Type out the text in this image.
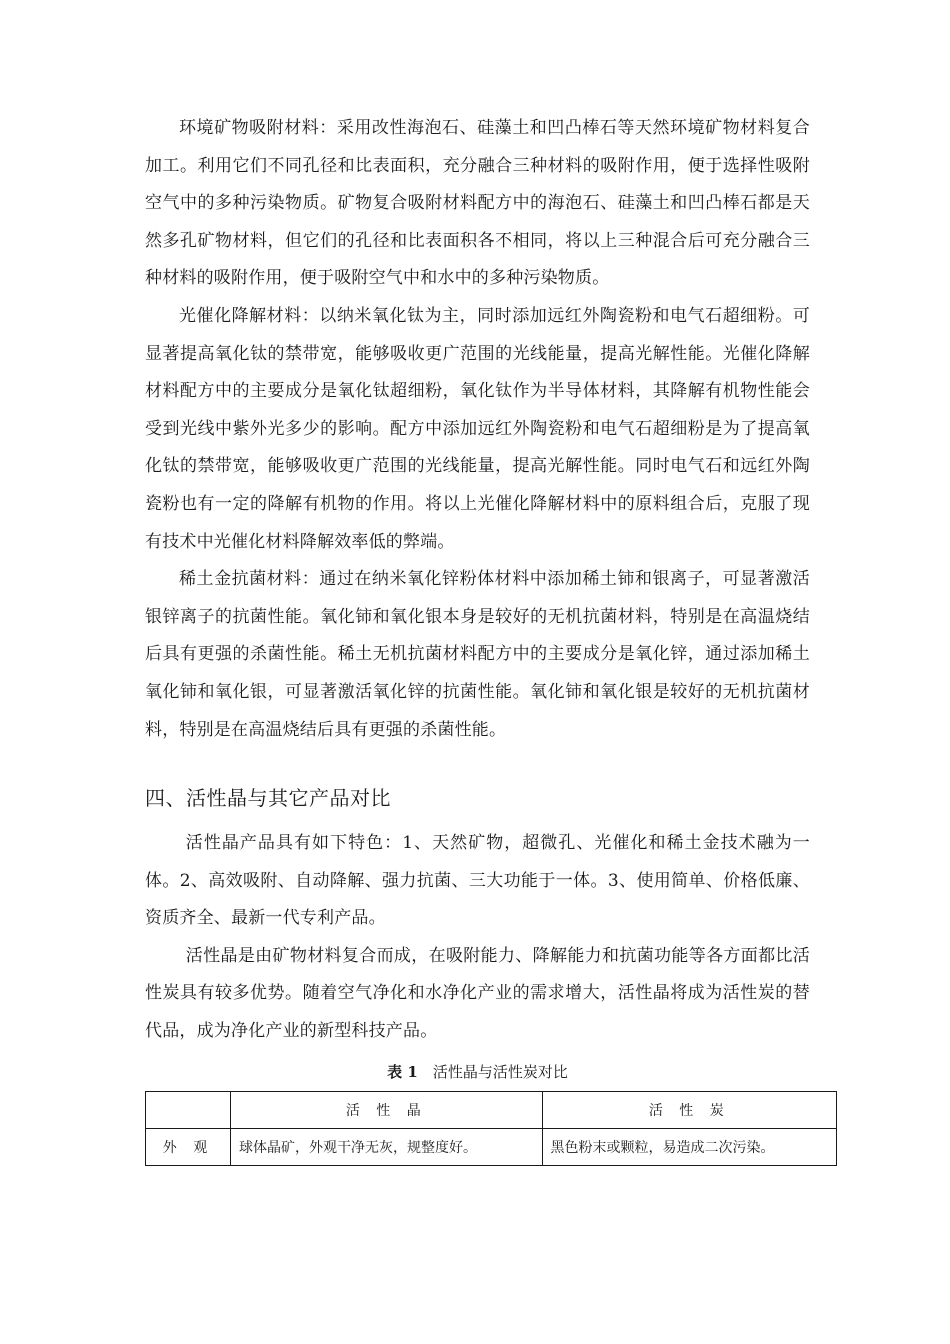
环境矿物吸附材料：采用改性海泡石、硅藻土和凹凸棒石等天然环境矿物材料复合加工。利用它们不同孔径和比表面积，充分融合三种材料的吸附作用，便于选择性吸附空气中的多种污染物质。矿物复合吸附材料配方中的海泡石、硅藻土和凹凸棒石都是天然多孔矿物材料，但它们的孔径和比表面积各不相同，将以上三种混合后可充分融合三种材料的吸附作用，便于吸附空气中和水中的多种污染物质。

光催化降解材料：以纳米氧化钛为主，同时添加远红外陶瓷粉和电气石超细粉。可显著提高氧化钛的禁带宽，能够吸收更广范围的光线能量，提高光解性能。光催化降解材料配方中的主要成分是氧化钛超细粉，氧化钛作为半导体材料，其降解有机物性能会受到光线中紫外光多少的影响。配方中添加远红外陶瓷粉和电气石超细粉是为了提高氧化钛的禁带宽，能够吸收更广范围的光线能量，提高光解性能。同时电气石和远红外陶瓷粉也有一定的降解有机物的作用。将以上光催化降解材料中的原料组合后，克服了现有技术中光催化材料降解效率低的弊端。

稀土金抗菌材料：通过在纳米氧化锌粉体材料中添加稀土铈和银离子，可显著激活银锌离子的抗菌性能。氧化铈和氧化银本身是较好的无机抗菌材料，特别是在高温烧结后具有更强的杀菌性能。稀土无机抗菌材料配方中的主要成分是氧化锌，通过添加稀土氧化铈和氧化银，可显著激活氧化锌的抗菌性能。氧化铈和氧化银是较好的无机抗菌材料，特别是在高温烧结后具有更强的杀菌性能。

四、活性晶与其它产品对比

活性晶产品具有如下特色：1、天然矿物，超微孔、光催化和稀土金技术融为一体。2、高效吸附、自动降解、强力抗菌、三大功能于一体。3、使用简单、价格低廉、资质齐全、最新一代专利产品。

活性晶是由矿物材料复合而成，在吸附能力、降解能力和抗菌功能等各方面都比活性炭具有较多优势。随着空气净化和水净化产业的需求增大，活性晶将成为活性炭的替代品，成为净化产业的新型科技产品。

表 1  活性晶与活性炭对比
	活 性 晶	活 性 炭
外 观	球体晶矿，外观干净无灰，规整度好。	黑色粉末或颗粒，易造成二次污染。
